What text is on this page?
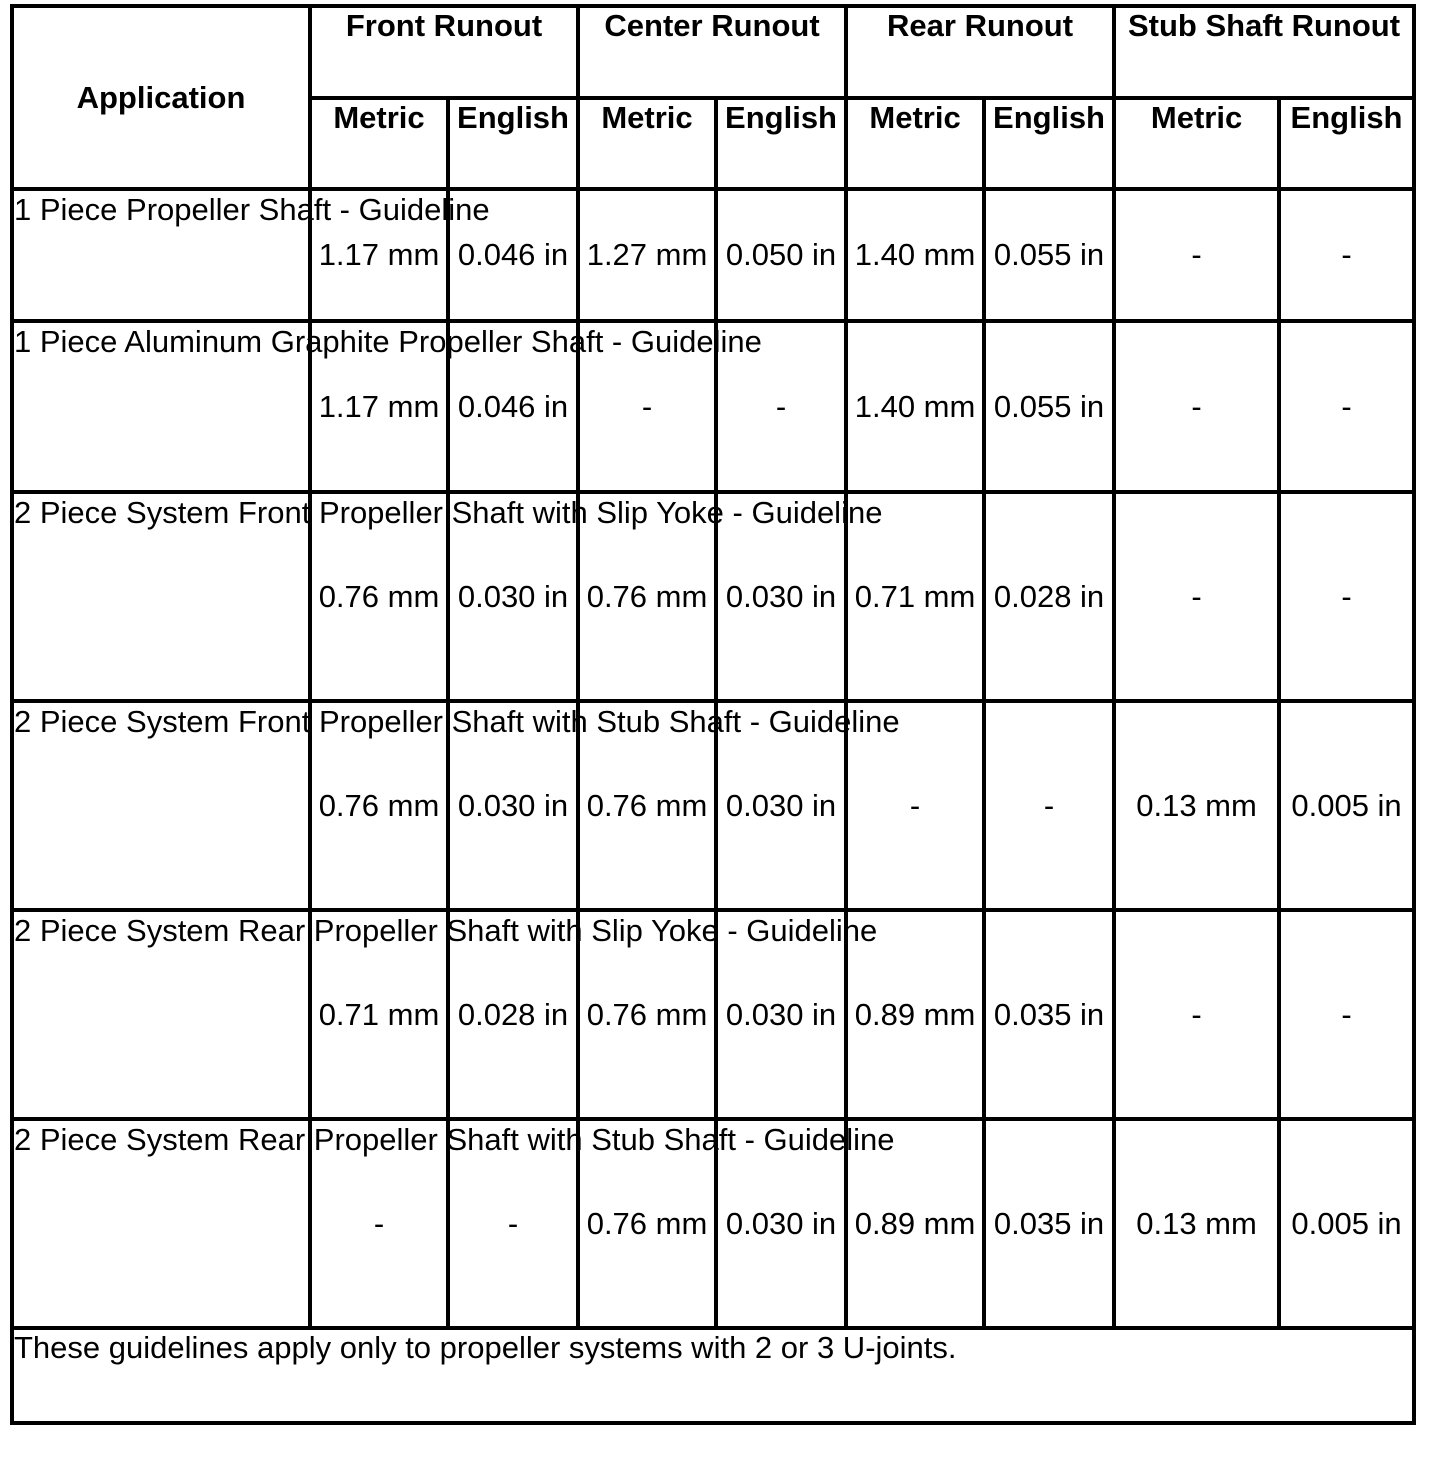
Application	Front Runout		Center Runout		Rear Runout		Stub Shaft Runout	
	Metric	English	Metric	English	Metric	English	Metric	English
1 Piece Propeller Shaft - Guideline	1.17 mm	0.046 in	1.27 mm	0.050 in	1.40 mm	0.055 in	-	-
1 Piece Aluminum Graphite Propeller Shaft - Guideline	1.17 mm	0.046 in	-	-	1.40 mm	0.055 in	-	-
2 Piece System Front Propeller Shaft with Slip Yoke - Guideline	0.76 mm	0.030 in	0.76 mm	0.030 in	0.71 mm	0.028 in	-	-
2 Piece System Front Propeller Shaft with Stub Shaft - Guideline	0.76 mm	0.030 in	0.76 mm	0.030 in	-	-	0.13 mm	0.005 in
2 Piece System Rear Propeller Shaft with Slip Yoke - Guideline	0.71 mm	0.028 in	0.76 mm	0.030 in	0.89 mm	0.035 in	-	-
2 Piece System Rear Propeller Shaft with Stub Shaft - Guideline	-	-	0.76 mm	0.030 in	0.89 mm	0.035 in	0.13 mm	0.005 in
These guidelines apply only to propeller systems with 2 or 3 U-joints.								
